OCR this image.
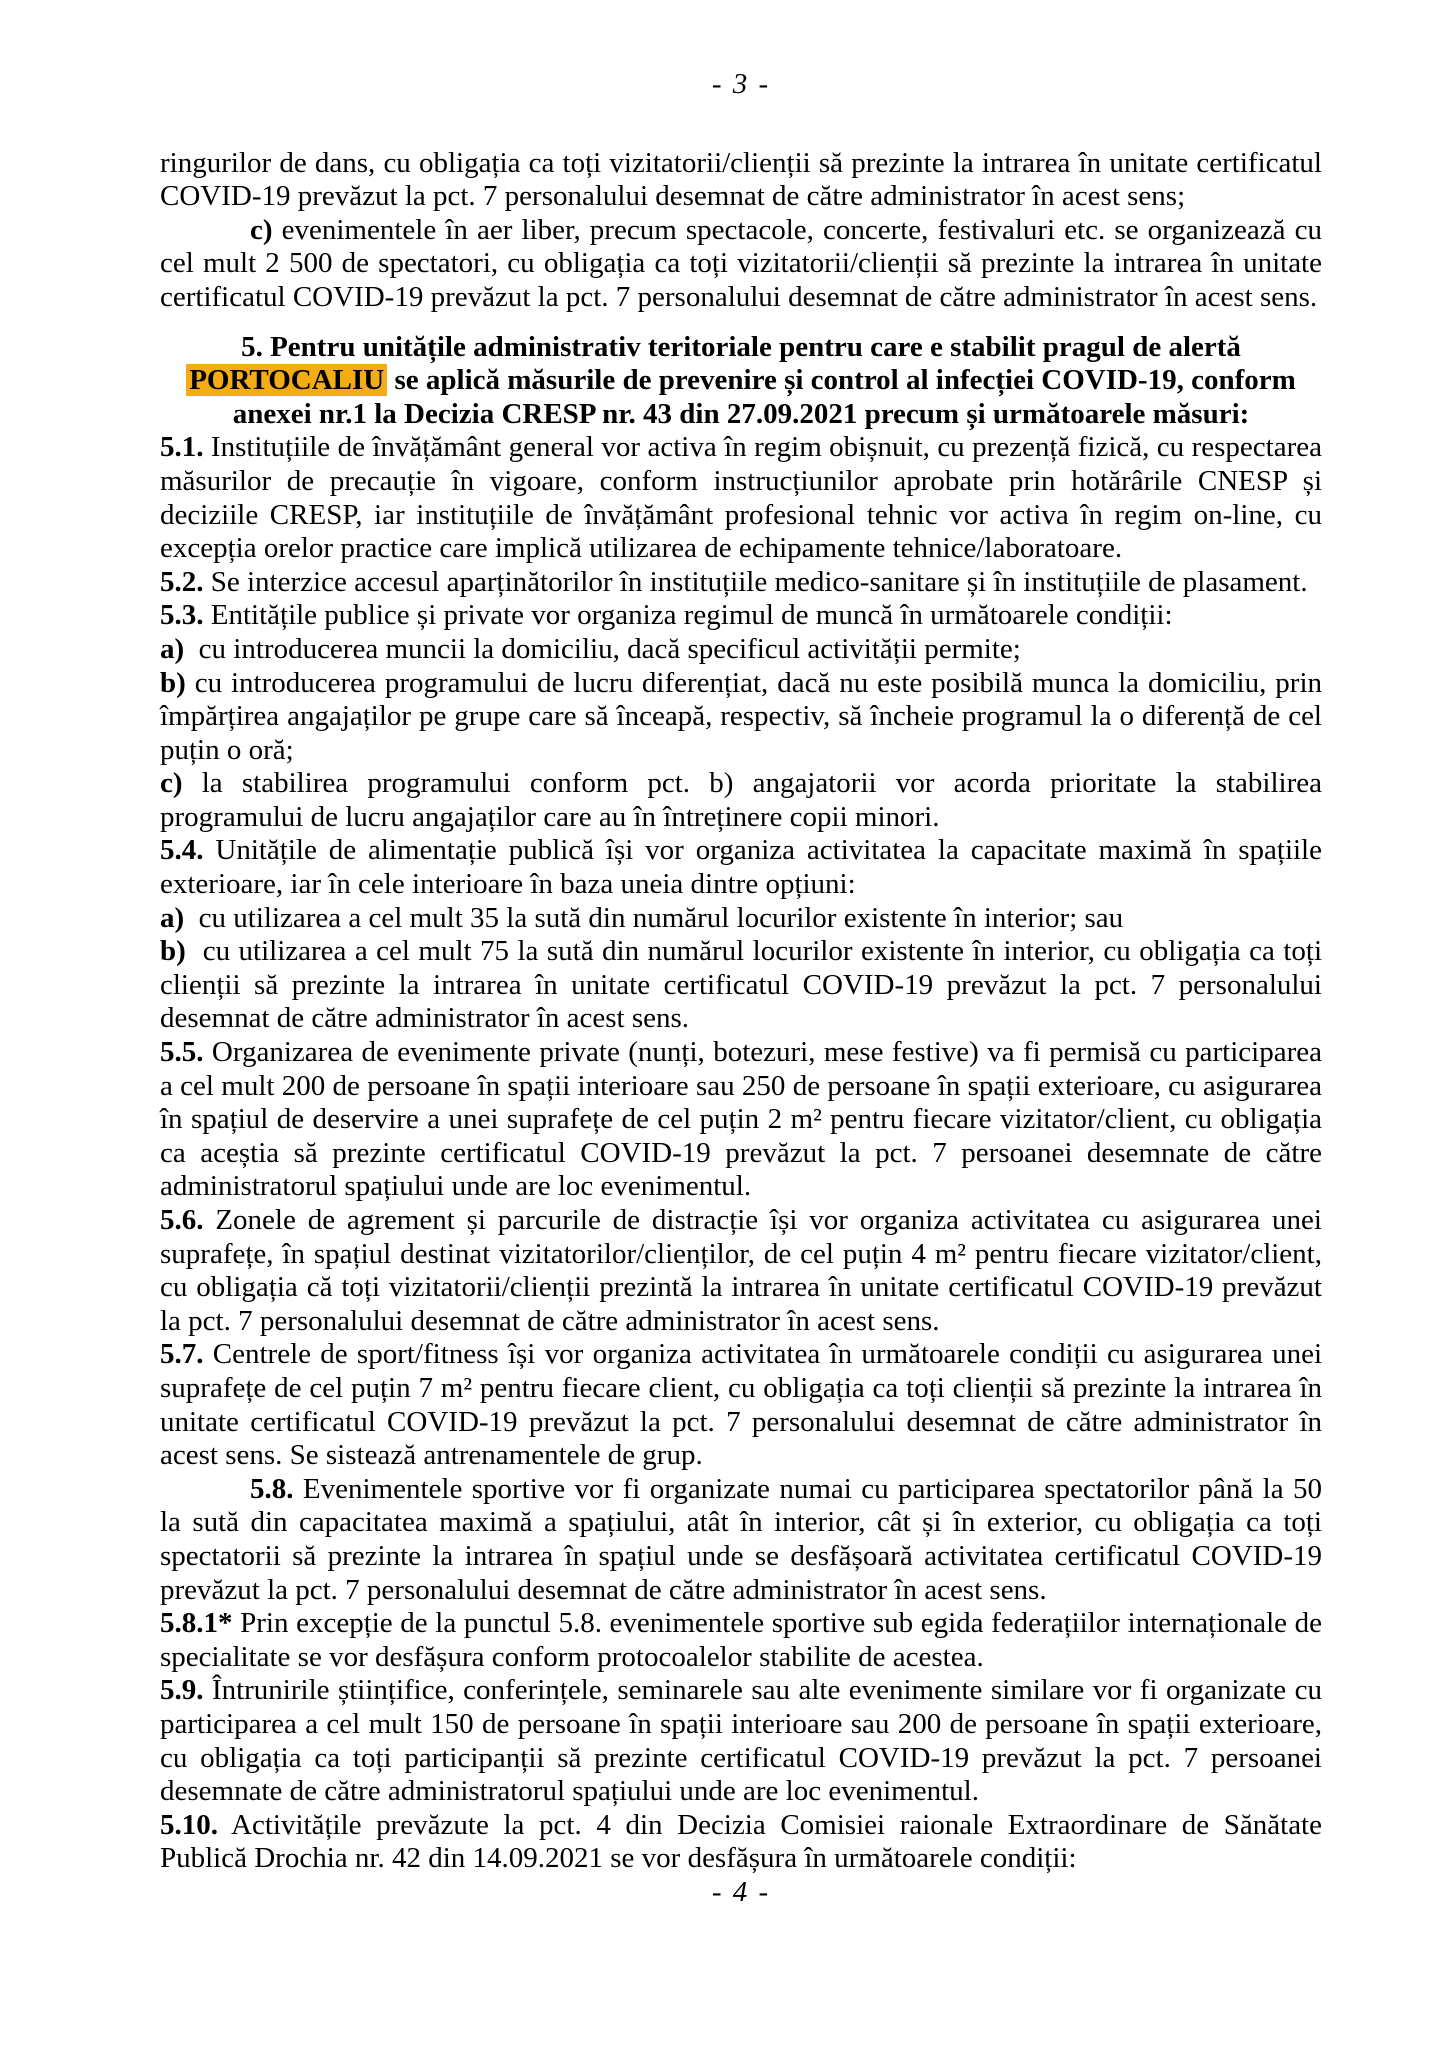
- 3 -

ringurilor de dans, cu obligația ca toți vizitatorii/clienții să prezinte la intrarea în unitate certificatul COVID-19 prevăzut la pct. 7 personalului desemnat de către administrator în acest sens;

c) evenimentele în aer liber, precum spectacole, concerte, festivaluri etc. se organizează cu cel mult 2 500 de spectatori, cu obligația ca toți vizitatorii/clienții să prezinte la intrarea în unitate certificatul COVID-19 prevăzut la pct. 7 personalului desemnat de către administrator în acest sens.

5. Pentru unitățile administrativ teritoriale pentru care e stabilit pragul de alertă PORTOCALIU se aplică măsurile de prevenire și control al infecției COVID-19, conform anexei nr.1 la Decizia CRESP nr. 43 din 27.09.2021 precum și următoarele măsuri:

5.1. Instituțiile de învățământ general vor activa în regim obișnuit, cu prezență fizică, cu respectarea măsurilor de precauție în vigoare, conform instrucțiunilor aprobate prin hotărârile CNESP și deciziile CRESP, iar instituțiile de învățământ profesional tehnic vor activa în regim on-line, cu excepția orelor practice care implică utilizarea de echipamente tehnice/laboratoare.

5.2. Se interzice accesul aparținătorilor în instituțiile medico-sanitare și în instituțiile de plasament.

5.3. Entitățile publice și private vor organiza regimul de muncă în următoarele condiții:

a)  cu introducerea muncii la domiciliu, dacă specificul activității permite;

b) cu introducerea programului de lucru diferențiat, dacă nu este posibilă munca la domiciliu, prin împărțirea angajaților pe grupe care să înceapă, respectiv, să încheie programul la o diferență de cel puțin o oră;

c) la stabilirea programului conform pct. b) angajatorii vor acorda prioritate la stabilirea programului de lucru angajaților care au în întreținere copii minori.

5.4. Unitățile de alimentație publică își vor organiza activitatea la capacitate maximă în spațiile exterioare, iar în cele interioare în baza uneia dintre opțiuni:

a)  cu utilizarea a cel mult 35 la sută din numărul locurilor existente în interior; sau

b)  cu utilizarea a cel mult 75 la sută din numărul locurilor existente în interior, cu obligația ca toți clienții să prezinte la intrarea în unitate certificatul COVID-19 prevăzut la pct. 7 personalului desemnat de către administrator în acest sens.

5.5. Organizarea de evenimente private (nunți, botezuri, mese festive) va fi permisă cu participarea a cel mult 200 de persoane în spații interioare sau 250 de persoane în spații exterioare, cu asigurarea în spațiul de deservire a unei suprafețe de cel puțin 2 m² pentru fiecare vizitator/client, cu obligația ca aceștia să prezinte certificatul COVID-19 prevăzut la pct. 7 persoanei desemnate de către administratorul spațiului unde are loc evenimentul.

5.6. Zonele de agrement și parcurile de distracție își vor organiza activitatea cu asigurarea unei suprafețe, în spațiul destinat vizitatorilor/clienților, de cel puțin 4 m² pentru fiecare vizitator/client, cu obligația că toți vizitatorii/clienții prezintă la intrarea în unitate certificatul COVID-19 prevăzut la pct. 7 personalului desemnat de către administrator în acest sens.

5.7. Centrele de sport/fitness își vor organiza activitatea în următoarele condiții cu asigurarea unei suprafețe de cel puțin 7 m² pentru fiecare client, cu obligația ca toți clienții să prezinte la intrarea în unitate certificatul COVID-19 prevăzut la pct. 7 personalului desemnat de către administrator în acest sens. Se sistează antrenamentele de grup.

5.8. Evenimentele sportive vor fi organizate numai cu participarea spectatorilor până la 50 la sută din capacitatea maximă a spațiului, atât în interior, cât și în exterior, cu obligația ca toți spectatorii să prezinte la intrarea în spațiul unde se desfășoară activitatea certificatul COVID-19 prevăzut la pct. 7 personalului desemnat de către administrator în acest sens.

5.8.1* Prin excepție de la punctul 5.8. evenimentele sportive sub egida federațiilor internaționale de specialitate se vor desfășura conform protocoalelor stabilite de acestea.

5.9. Întrunirile științifice, conferințele, seminarele sau alte evenimente similare vor fi organizate cu participarea a cel mult 150 de persoane în spații interioare sau 200 de persoane în spații exterioare, cu obligația ca toți participanții să prezinte certificatul COVID-19 prevăzut la pct. 7 persoanei desemnate de către administratorul spațiului unde are loc evenimentul.

5.10. Activitățile prevăzute la pct. 4 din Decizia Comisiei raionale Extraordinare de Sănătate Publică Drochia nr. 42 din 14.09.2021 se vor desfășura în următoarele condiții:

- 4 -
